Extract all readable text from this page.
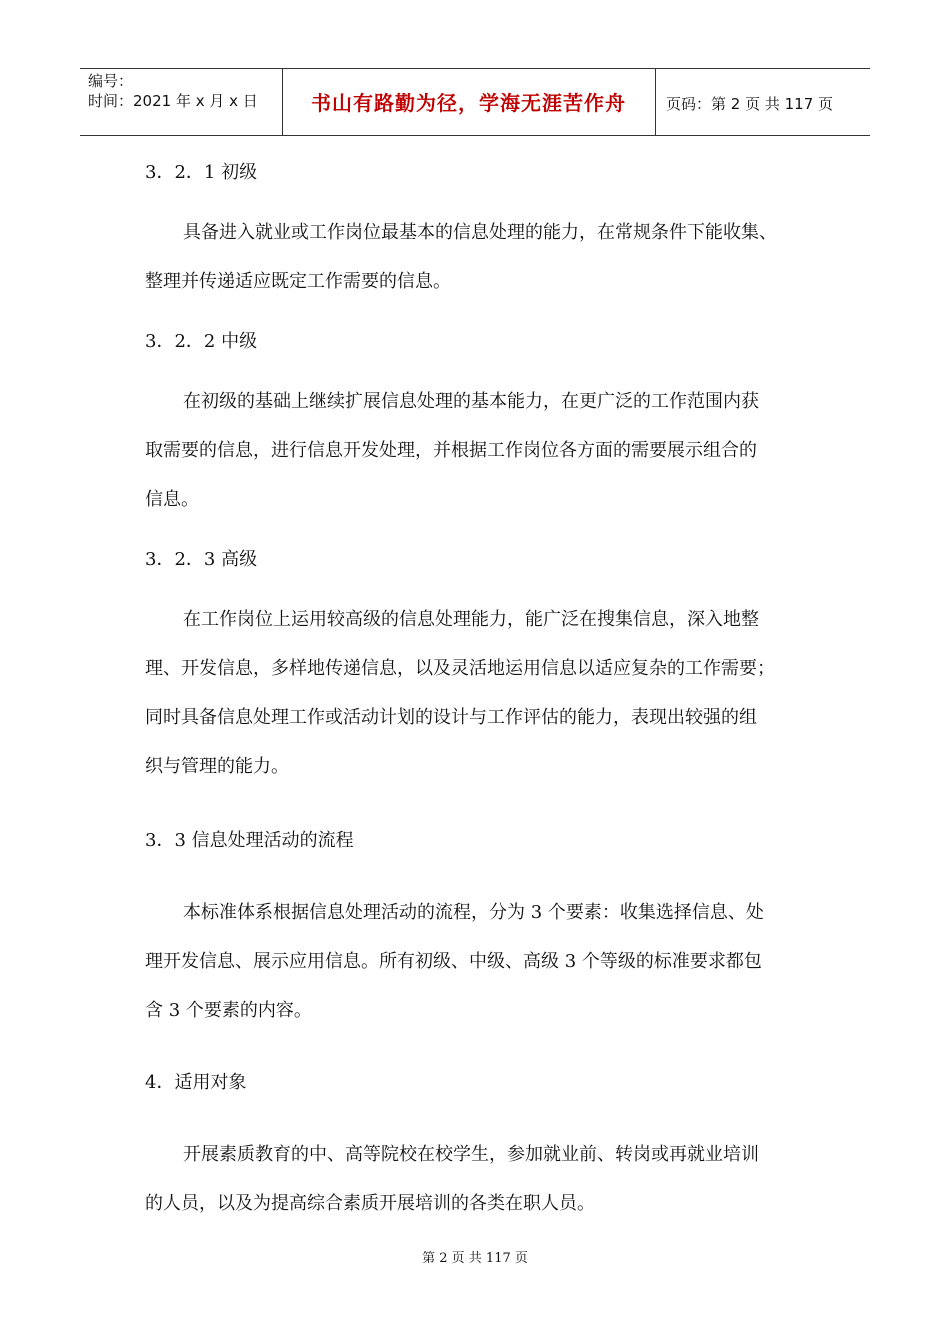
编号：
时间：2021 年 x 月 x 日	书山有路勤为径，学海无涯苦作舟	页码：第 2 页 共 117 页
3．2．1 初级
具备进入就业或工作岗位最基本的信息处理的能力，在常规条件下能收集、
整理并传递适应既定工作需要的信息。
3．2．2 中级
在初级的基础上继续扩展信息处理的基本能力，在更广泛的工作范围内获
取需要的信息，进行信息开发处理，并根据工作岗位各方面的需要展示组合的
信息。
3．2．3 高级
在工作岗位上运用较高级的信息处理能力，能广泛在搜集信息，深入地整
理、开发信息，多样地传递信息，以及灵活地运用信息以适应复杂的工作需要；
同时具备信息处理工作或活动计划的设计与工作评估的能力，表现出较强的组
织与管理的能力。
3．3 信息处理活动的流程
本标准体系根据信息处理活动的流程，分为 3 个要素：收集选择信息、处
理开发信息、展示应用信息。所有初级、中级、高级 3 个等级的标准要求都包
含 3 个要素的内容。
4．适用对象
开展素质教育的中、高等院校在校学生，参加就业前、转岗或再就业培训
的人员，以及为提高综合素质开展培训的各类在职人员。
第 2 页 共 117 页
